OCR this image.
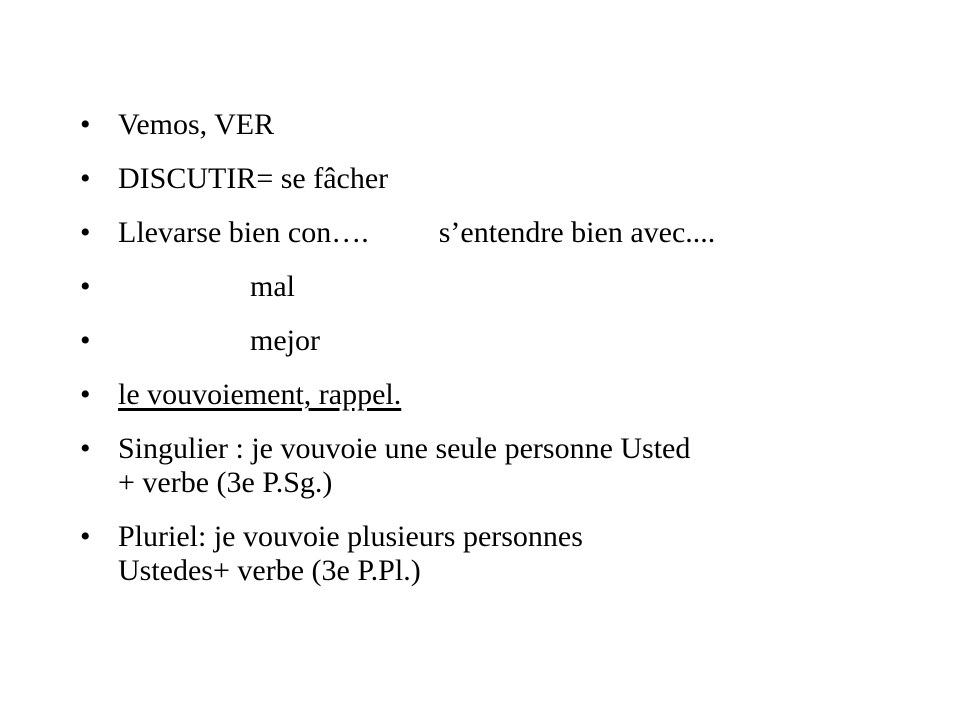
• Vemos, VER
• DISCUTIR= se fâcher
• Llevarse bien con…. s’entendre bien avec....
•	mal
•	mejor
• le vouvoiement, rappel.
• Singulier : je vouvoie une seule personne Usted
+ verbe (3e P.Sg.)
• Pluriel: je vouvoie plusieurs personnes
Ustedes+ verbe (3e P.Pl.)
